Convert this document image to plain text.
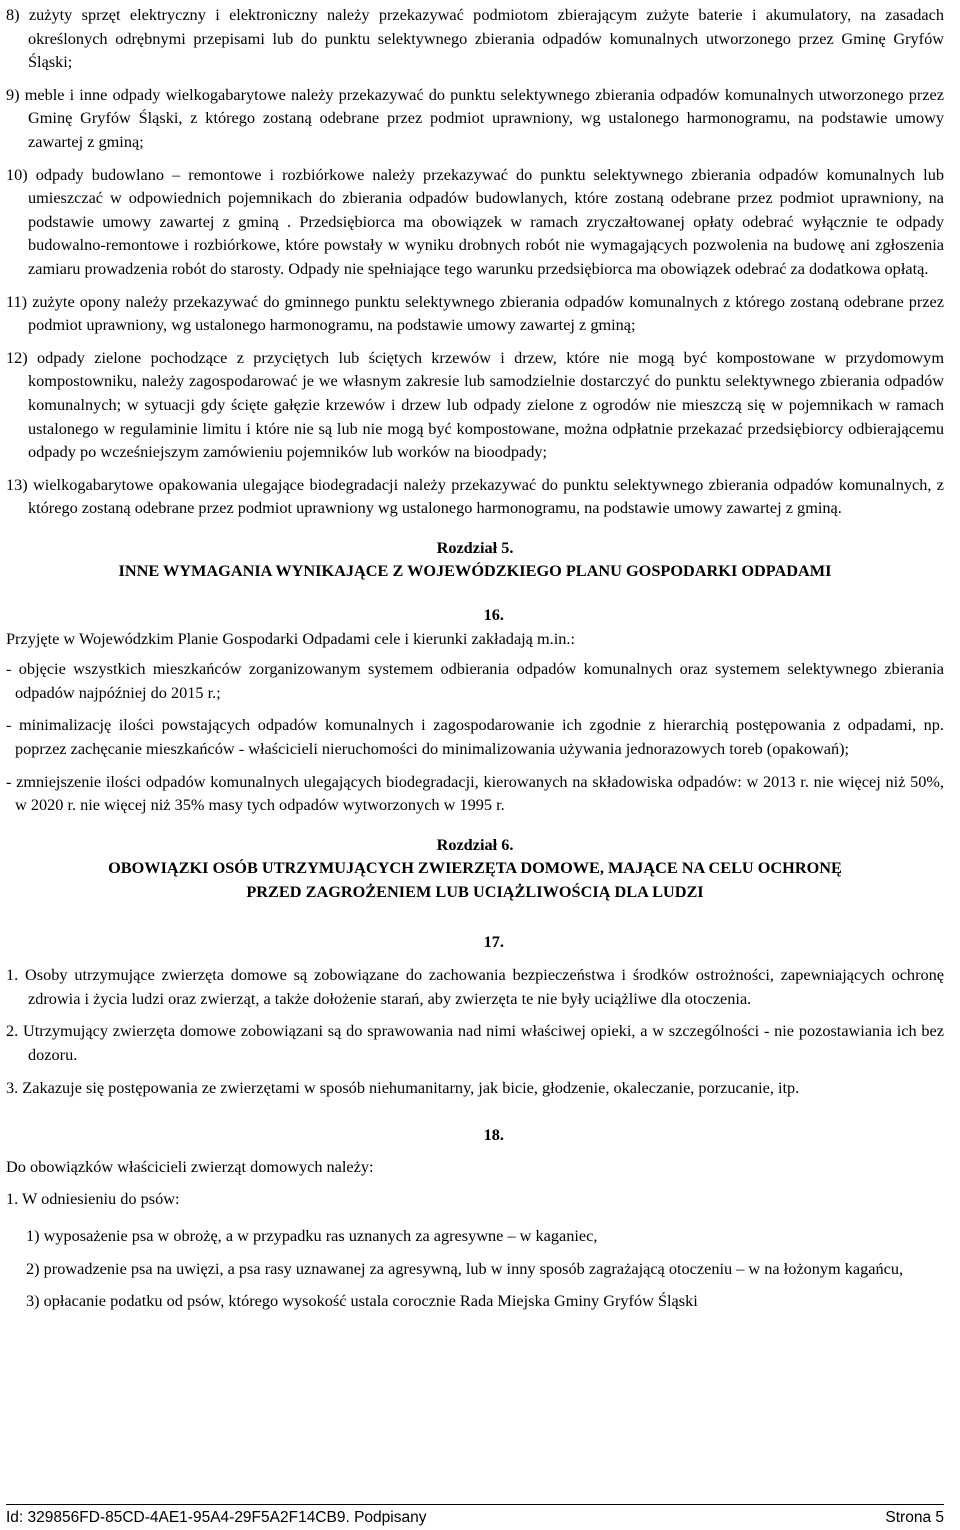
8) zużyty sprzęt elektryczny i elektroniczny należy przekazywać podmiotom zbierającym zużyte baterie i akumulatory, na zasadach określonych odrębnymi przepisami lub do punktu selektywnego zbierania odpadów komunalnych utworzonego przez Gminę Gryfów Śląski;

9) meble i inne odpady wielkogabarytowe należy przekazywać do punktu selektywnego zbierania odpadów komunalnych utworzonego przez Gminę Gryfów Śląski, z którego zostaną odebrane przez podmiot uprawniony, wg ustalonego harmonogramu, na podstawie umowy zawartej z gminą;

10) odpady budowlano – remontowe i rozbiórkowe należy przekazywać do punktu selektywnego zbierania odpadów komunalnych lub umieszczać w odpowiednich pojemnikach do zbierania odpadów budowlanych, które zostaną odebrane przez podmiot uprawniony, na podstawie umowy zawartej z gminą . Przedsiębiorca ma obowiązek w ramach zryczałtowanej opłaty odebrać wyłącznie te odpady budowalno-remontowe i rozbiórkowe, które powstały w wyniku drobnych robót nie wymagających pozwolenia na budowę ani zgłoszenia zamiaru prowadzenia robót do starosty. Odpady nie spełniające tego warunku przedsiębiorca ma obowiązek odebrać za dodatkowa opłatą.

11) zużyte opony należy przekazywać do gminnego punktu selektywnego zbierania odpadów komunalnych z którego zostaną odebrane przez podmiot uprawniony, wg ustalonego harmonogramu, na podstawie umowy zawartej z gminą;

12) odpady zielone pochodzące z przyciętych lub ściętych krzewów i drzew, które nie mogą być kompostowane w przydomowym kompostowniku, należy zagospodarować je we własnym zakresie lub samodzielnie dostarczyć do punktu selektywnego zbierania odpadów komunalnych; w sytuacji gdy ścięte gałęzie krzewów i drzew lub odpady zielone z ogrodów nie mieszczą się w pojemnikach w ramach ustalonego w regulaminie limitu i które nie są lub nie mogą być kompostowane, można odpłatnie przekazać przedsiębiorcy odbierającemu odpady po wcześniejszym zamówieniu pojemników lub worków na bioodpady;

13) wielkogabarytowe opakowania ulegające biodegradacji należy przekazywać do punktu selektywnego zbierania odpadów komunalnych, z którego zostaną odebrane przez podmiot uprawniony wg ustalonego harmonogramu, na podstawie umowy zawartej z gminą.

Rozdział 5.

INNE WYMAGANIA WYNIKAJĄCE Z WOJEWÓDZKIEGO PLANU GOSPODARKI ODPADAMI

16.

Przyjęte w Wojewódzkim Planie Gospodarki Odpadami cele i kierunki zakładają m.in.:

- objęcie wszystkich mieszkańców zorganizowanym systemem odbierania odpadów komunalnych oraz systemem selektywnego zbierania odpadów najpóźniej do 2015 r.;

- minimalizację ilości powstających odpadów komunalnych i zagospodarowanie ich zgodnie z hierarchią postępowania z odpadami, np. poprzez zachęcanie mieszkańców - właścicieli nieruchomości do minimalizowania używania jednorazowych toreb (opakowań);

- zmniejszenie ilości odpadów komunalnych ulegających biodegradacji, kierowanych na składowiska odpadów: w 2013 r. nie więcej niż 50%, w 2020 r. nie więcej niż 35% masy tych odpadów wytworzonych w 1995 r.

Rozdział 6.

OBOWIĄZKI OSÓB UTRZYMUJĄCYCH ZWIERZĘTA DOMOWE, MAJĄCE NA CELU OCHRONĘ

PRZED ZAGROŻENIEM LUB UCIĄŻLIWOŚCIĄ DLA LUDZI

17.

1. Osoby utrzymujące zwierzęta domowe są zobowiązane do zachowania bezpieczeństwa i środków ostrożności, zapewniających ochronę zdrowia i życia ludzi oraz zwierząt, a także dołożenie starań, aby zwierzęta te nie były uciążliwe dla otoczenia.

2. Utrzymujący zwierzęta domowe zobowiązani są do sprawowania nad nimi właściwej opieki, a w szczególności - nie pozostawiania ich bez dozoru.

3. Zakazuje się postępowania ze zwierzętami w sposób niehumanitarny, jak bicie, głodzenie, okaleczanie, porzucanie, itp.

18.

Do obowiązków właścicieli zwierząt domowych należy:

1. W odniesieniu do psów:

1) wyposażenie psa w obrożę, a w przypadku ras uznanych za agresywne – w kaganiec,

2) prowadzenie psa na uwięzi, a psa rasy uznawanej za agresywną, lub w inny sposób zagrażającą otoczeniu – w na łożonym kagańcu,

3) opłacanie podatku od psów, którego wysokość ustala corocznie Rada Miejska Gminy Gryfów Śląski

Id: 329856FD-85CD-4AE1-95A4-29F5A2F14CB9. Podpisany	Strona 5
